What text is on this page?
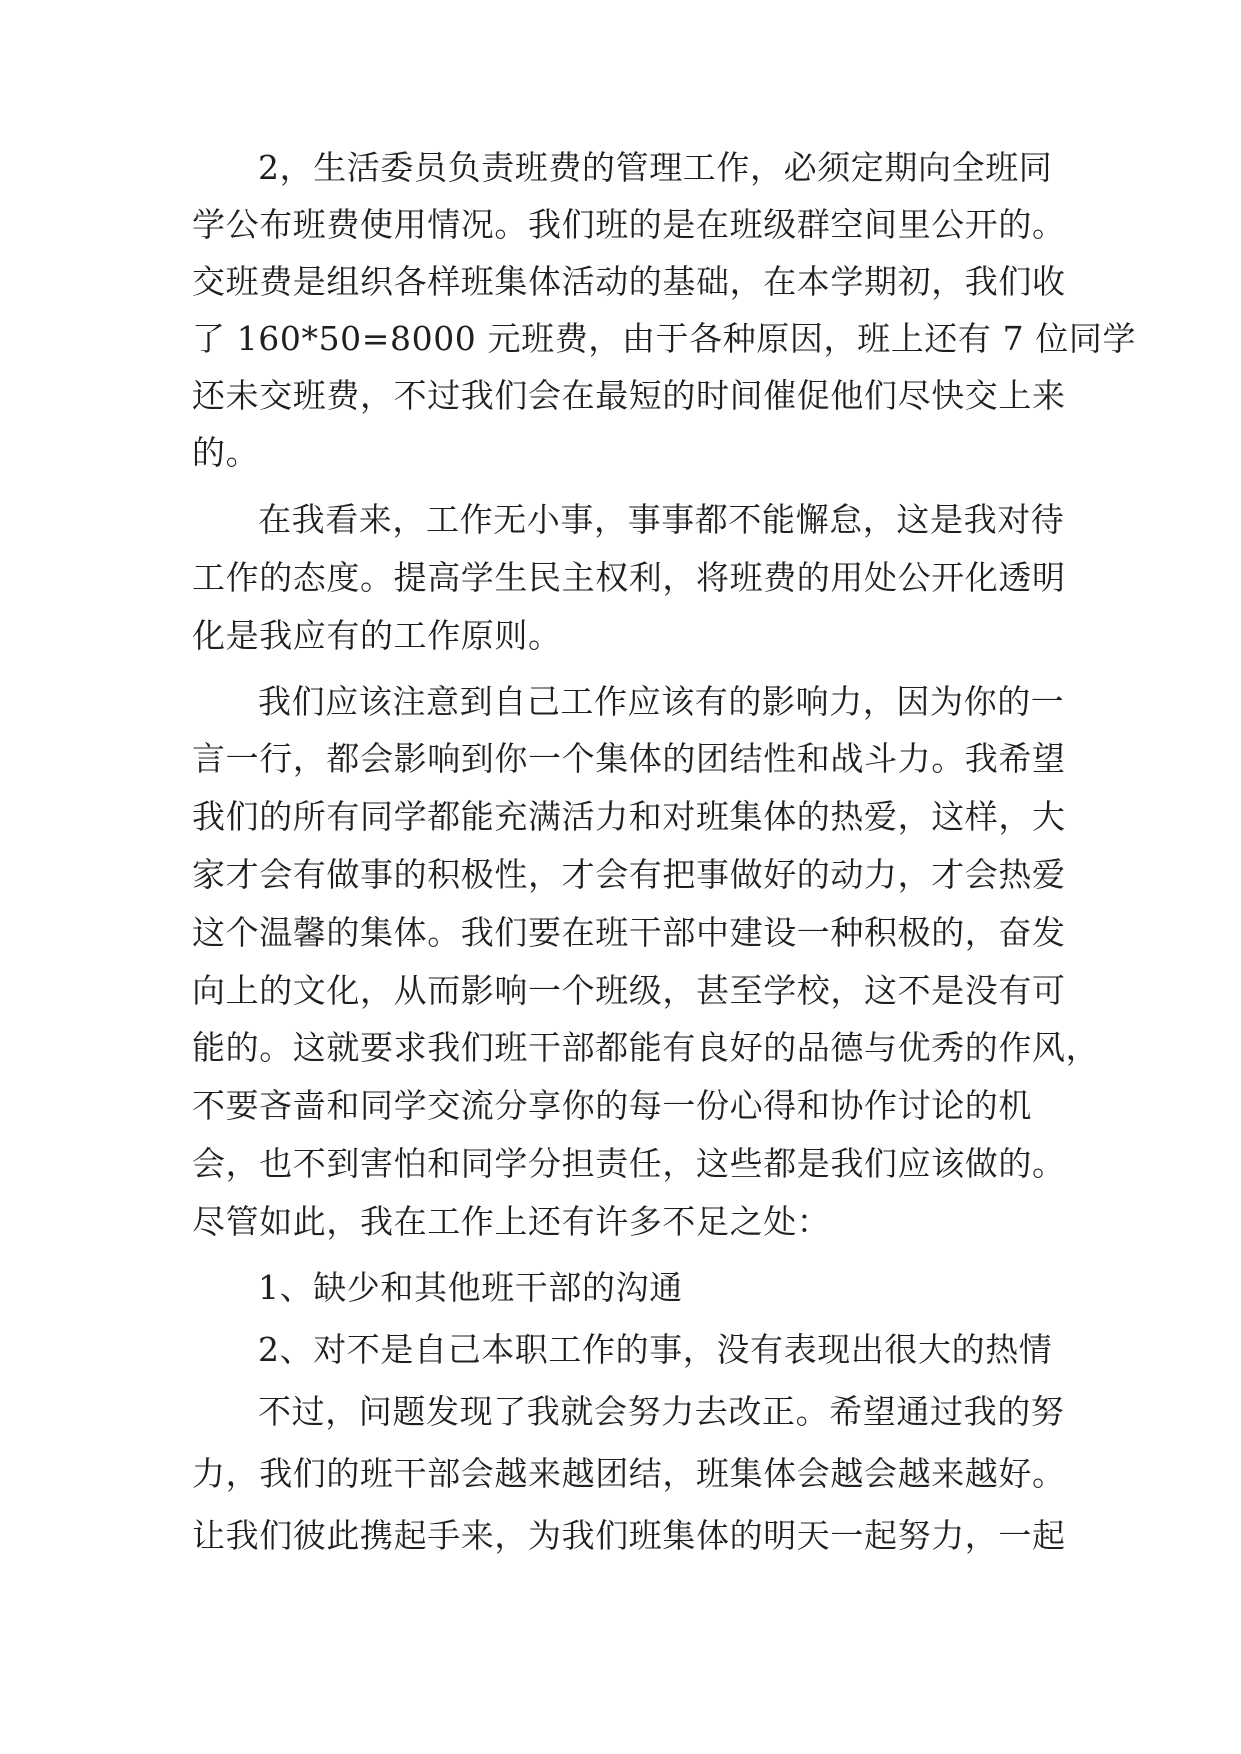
2，生活委员负责班费的管理工作，必须定期向全班同
学公布班费使用情况。我们班的是在班级群空间里公开的。
交班费是组织各样班集体活动的基础，在本学期初，我们收
了 160*50=8000 元班费，由于各种原因，班上还有 7 位同学
还未交班费，不过我们会在最短的时间催促他们尽快交上来
的。
在我看来，工作无小事，事事都不能懈怠，这是我对待
工作的态度。提高学生民主权利，将班费的用处公开化透明
化是我应有的工作原则。
我们应该注意到自己工作应该有的影响力，因为你的一
言一行，都会影响到你一个集体的团结性和战斗力。我希望
我们的所有同学都能充满活力和对班集体的热爱，这样，大
家才会有做事的积极性，才会有把事做好的动力，才会热爱
这个温馨的集体。我们要在班干部中建设一种积极的，奋发
向上的文化，从而影响一个班级，甚至学校，这不是没有可
能的。这就要求我们班干部都能有良好的品德与优秀的作风，
不要吝啬和同学交流分享你的每一份心得和协作讨论的机
会，也不到害怕和同学分担责任，这些都是我们应该做的。
尽管如此，我在工作上还有许多不足之处：
1、缺少和其他班干部的沟通
2、对不是自己本职工作的事，没有表现出很大的热情
不过，问题发现了我就会努力去改正。希望通过我的努
力，我们的班干部会越来越团结，班集体会越会越来越好。
让我们彼此携起手来，为我们班集体的明天一起努力，一起
